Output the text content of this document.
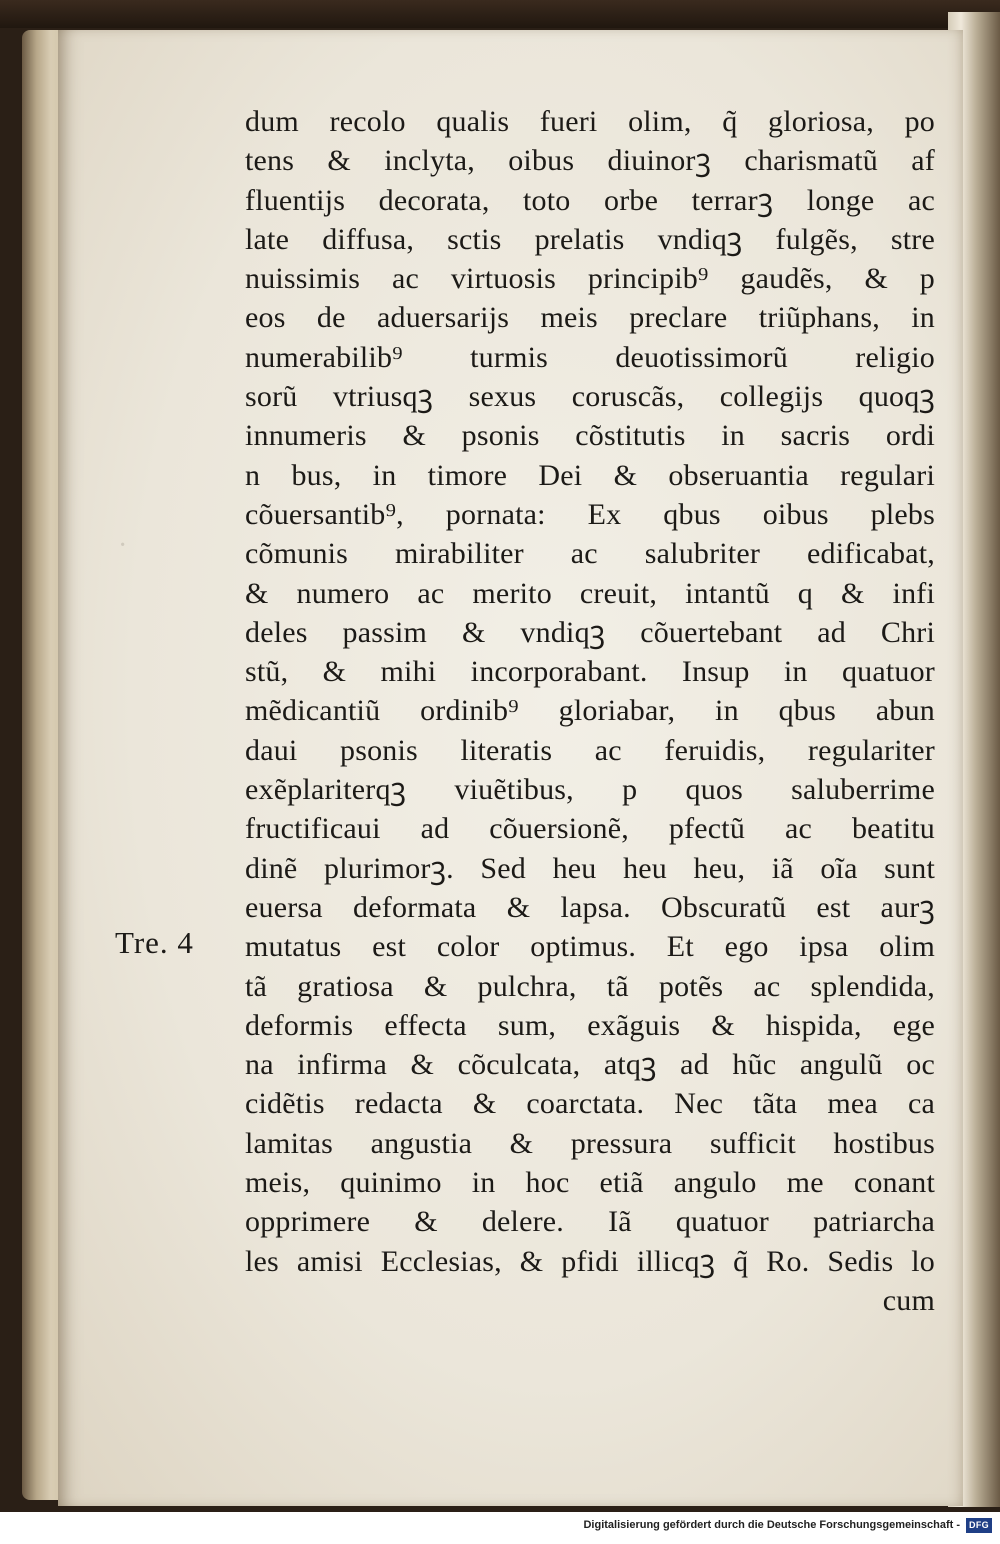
·
Tre. 4
dum recolo qualis fueri olim, q̃ gloriosa, po
tens & inclyta, oibus diuinorꝫ charismatũ af
fluentijs decorata, toto orbe terrarꝫ longe ac
late diffusa, sctis prelatis vndiqꝫ fulgẽs, stre
nuissimis ac virtuosis principib⁹ gaudẽs, & p
eos de aduersarijs meis preclare triũphans, in
numerabilib⁹ turmis deuotissimorũ religio
sorũ vtriusqꝫ sexus coruscãs, collegijs quoqꝫ
innumeris & psonis cõstitutis in sacris ordi
n bus, in timore Dei & obseruantia regulari
cõuersantib⁹, pornata: Ex qbus oibus plebs
cõmunis mirabiliter ac salubriter edificabat,
& numero ac merito creuit, intantũ q & infi
deles passim & vndiqꝫ cõuertebant ad Chri
stũ, & mihi incorporabant. Insup in quatuor
mẽdicantiũ ordinib⁹ gloriabar, in qbus abun
daui psonis literatis ac feruidis, regulariter
exẽplariterqꝫ viuẽtibus, p quos saluberrime
fructificaui ad cõuersionẽ, pfectũ ac beatitu
dinẽ plurimorꝫ. Sed heu heu heu, iã oĩa sunt
euersa deformata & lapsa. Obscuratũ est aurꝫ
mutatus est color optimus. Et ego ipsa olim
tã gratiosa & pulchra, tã potẽs ac splendida,
deformis effecta sum, exãguis & hispida, ege
na infirma & cõculcata, atqꝫ ad hũc angulũ oc
cidẽtis redacta & coarctata. Nec tãta mea ca
lamitas angustia & pressura sufficit hostibus
meis, quinimo in hoc etiã angulo me conant
opprimere & delere. Iã quatuor patriarcha
les amisi Ecclesias, & pfidi illicqꝫ q̃ Ro. Sedis lo
cum
Digitalisierung gefördert durch die Deutsche Forschungsgemeinschaft -	DFG
